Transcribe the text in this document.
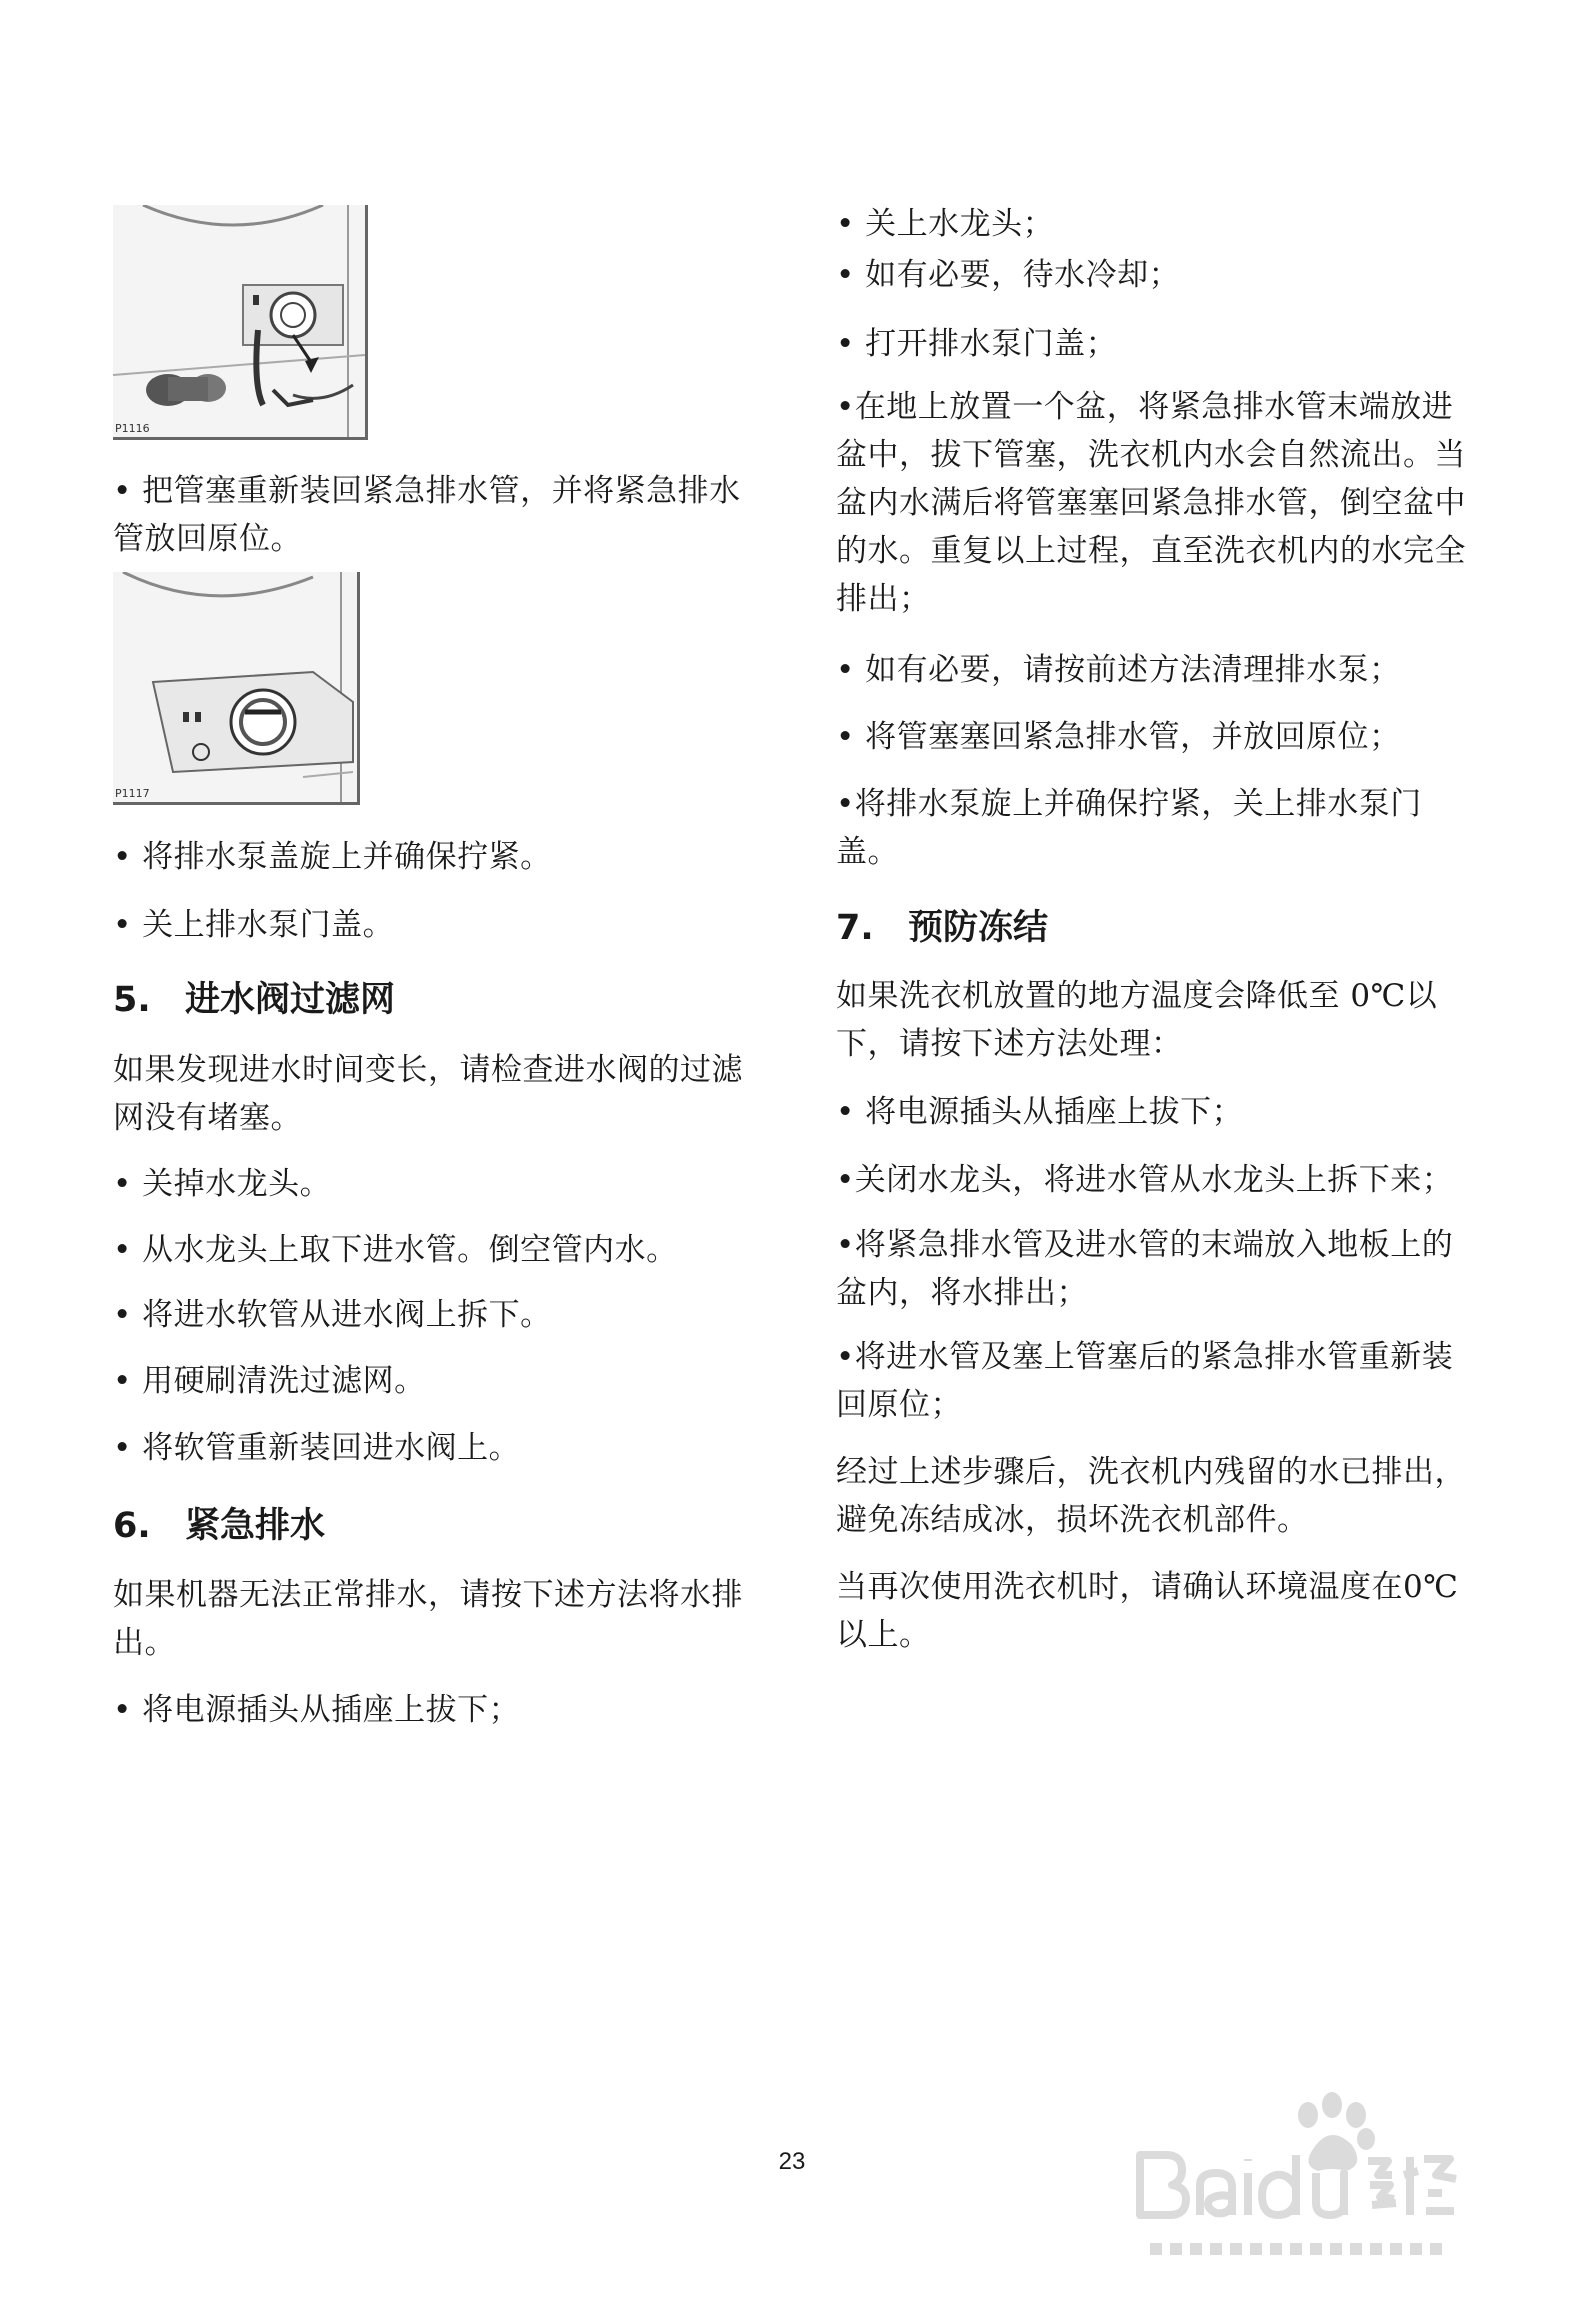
P1116

• 把管塞重新装回紧急排水管，并将紧急排水管放回原位。

P1117

• 将排水泵盖旋上并确保拧紧。

• 关上排水泵门盖。

5. 进水阀过滤网

如果发现进水时间变长，请检查进水阀的过滤网没有堵塞。

• 关掉水龙头。

• 从水龙头上取下进水管。倒空管内水。

• 将进水软管从进水阀上拆下。

• 用硬刷清洗过滤网。

• 将软管重新装回进水阀上。

6. 紧急排水

如果机器无法正常排水，请按下述方法将水排出。

• 将电源插头从插座上拔下；

• 关上水龙头；

• 如有必要，待水冷却；

• 打开排水泵门盖；

•在地上放置一个盆，将紧急排水管末端放进盆中，拔下管塞，洗衣机内水会自然流出。当盆内水满后将管塞塞回紧急排水管，倒空盆中的水。重复以上过程，直至洗衣机内的水完全排出；

• 如有必要，请按前述方法清理排水泵；

• 将管塞塞回紧急排水管，并放回原位；

•将排水泵旋上并确保拧紧，关上排水泵门盖。

7. 预防冻结

如果洗衣机放置的地方温度会降低至 0℃以下，请按下述方法处理：

• 将电源插头从插座上拔下；

•关闭水龙头，将进水管从水龙头上拆下来；

•将紧急排水管及进水管的末端放入地板上的盆内，将水排出；

•将进水管及塞上管塞后的紧急排水管重新装回原位；

经过上述步骤后，洗衣机内残留的水已排出，避免冻结成冰，损坏洗衣机部件。

当再次使用洗衣机时，请确认环境温度在0℃以上。

23
